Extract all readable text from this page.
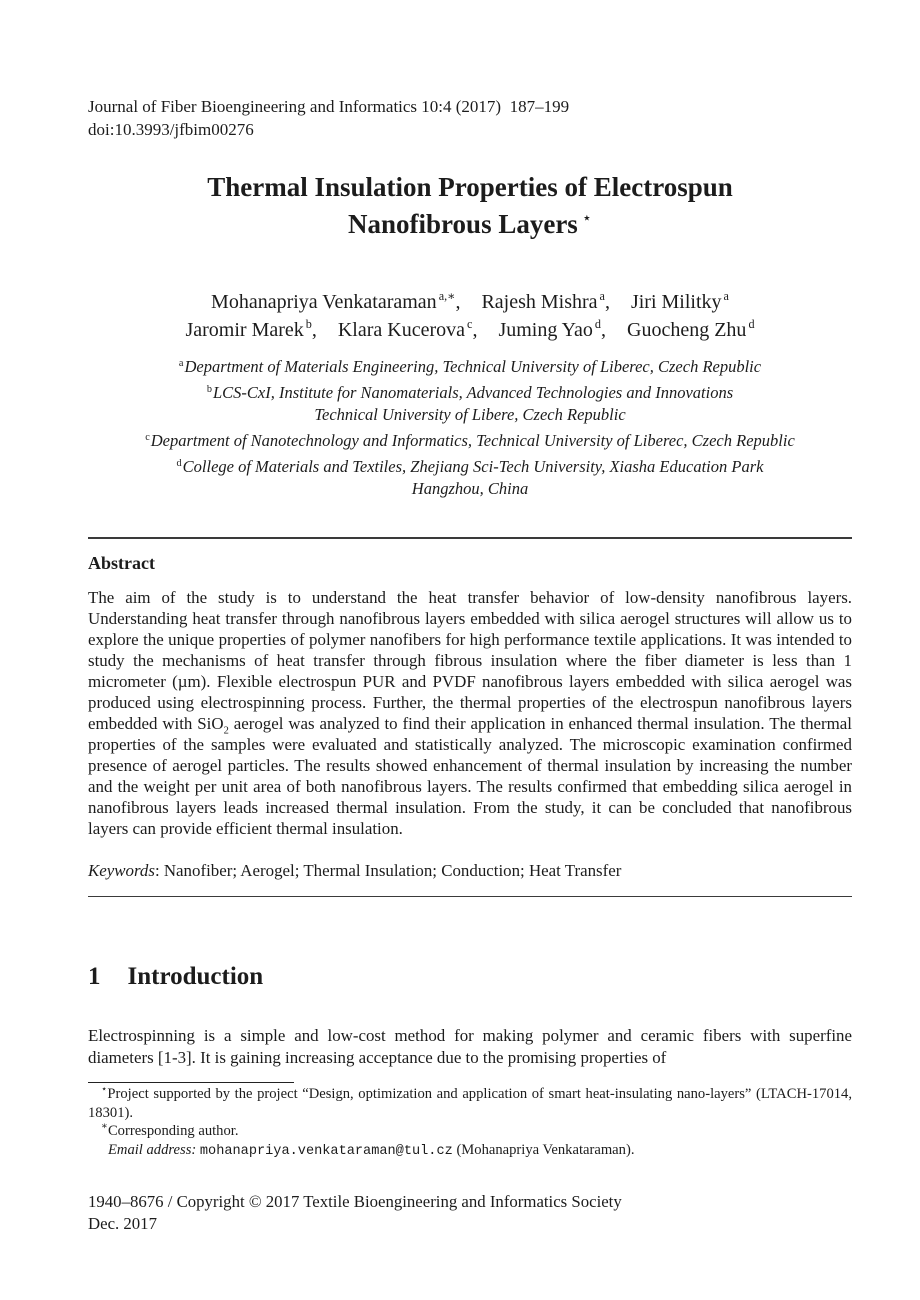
Journal of Fiber Bioengineering and Informatics 10:4 (2017)  187–199
doi:10.3993/jfbim00276
Thermal Insulation Properties of Electrospun
Nanofibrous Layers ⋆
Mohanapriya Venkataraman $^{a,∗}$, Rajesh Mishra $^a$, Jiri Militky $^a$
Jaromir Marek $^b$, Klara Kucerova $^c$, Juming Yao $^d$, Guocheng Zhu $^d$
$^a$Department of Materials Engineering, Technical University of Liberec, Czech Republic
$^b$LCS-CxI, Institute for Nanomaterials, Advanced Technologies and Innovations
Technical University of Libere, Czech Republic
$^c$Department of Nanotechnology and Informatics, Technical University of Liberec, Czech Republic
$^d$College of Materials and Textiles, Zhejiang Sci-Tech University, Xiasha Education Park
Hangzhou, China
Abstract

The aim of the study is to understand the heat transfer behavior of low-density nanofibrous layers. Understanding heat transfer through nanofibrous layers embedded with silica aerogel structures will allow us to explore the unique properties of polymer nanofibers for high performance textile applications. It was intended to study the mechanisms of heat transfer through fibrous insulation where the fiber diameter is less than 1 micrometer (µm). Flexible electrospun PUR and PVDF nanofibrous layers embedded with silica aerogel was produced using electrospinning process. Further, the thermal properties of the electrospun nanofibrous layers embedded with SiO$_2$ aerogel was analyzed to find their application in enhanced thermal insulation. The thermal properties of the samples were evaluated and statistically analyzed. The microscopic examination confirmed presence of aerogel particles. The results showed enhancement of thermal insulation by increasing the number and the weight per unit area of both nanofibrous layers. The results confirmed that embedding silica aerogel in nanofibrous layers leads increased thermal insulation. From the study, it can be concluded that nanofibrous layers can provide efficient thermal insulation.

Keywords: Nanofiber; Aerogel; Thermal Insulation; Conduction; Heat Transfer
1 Introduction

Electrospinning is a simple and low-cost method for making polymer and ceramic fibers with superfine diameters [1-3]. It is gaining increasing acceptance due to the promising properties of

⋆Project supported by the project “Design, optimization and application of smart heat-insulating nano-layers” (LTACH-17014, 18301).

∗Corresponding author.

Email address: mohanapriya.venkataraman@tul.cz (Mohanapriya Venkataraman).

1940–8676 / Copyright © 2017 Textile Bioengineering and Informatics Society
Dec. 2017
